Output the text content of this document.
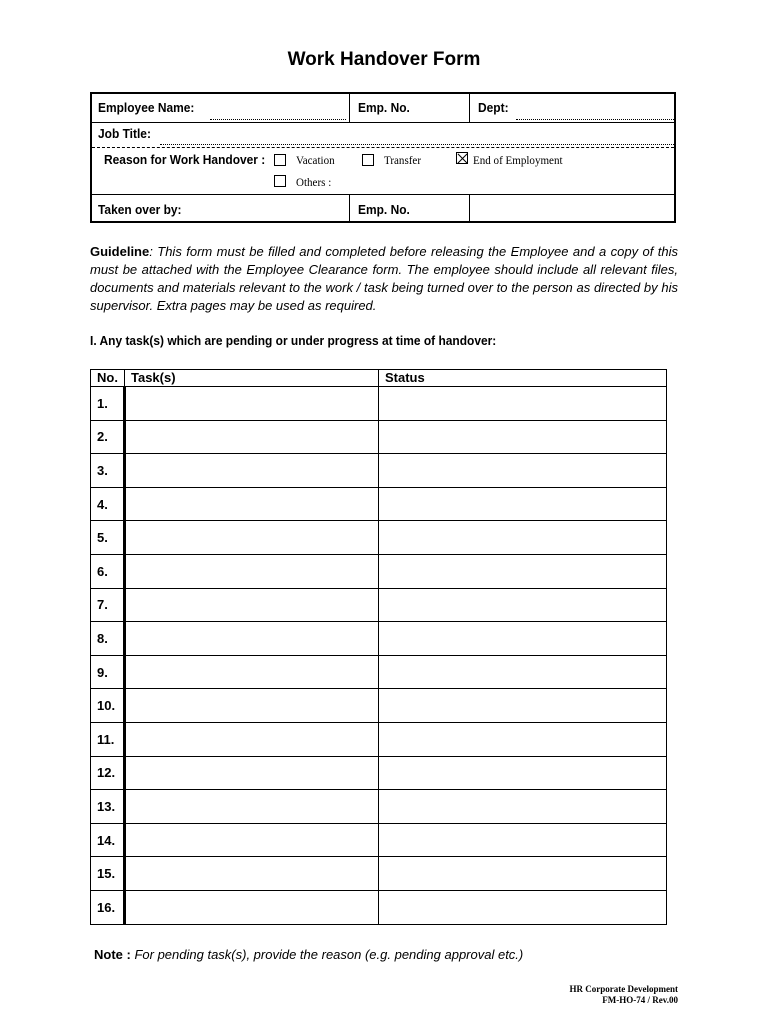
Work Handover Form
Employee Name:	Emp. No.	Dept:
Job Title:
Reason for Work Handover :	Vacation	Transfer	End of Employment
Others :
Taken over by:	Emp. No.
Guideline: This form must be filled and completed before releasing the Employee and a copy of this must be attached with the Employee Clearance form. The employee should include all relevant files, documents and materials relevant to the work / task being turned over to the person as directed by his supervisor. Extra pages may be used as required.
I. Any task(s) which are pending or under progress at time of handover:
No.	Task(s)	Status
1.		
2.		
3.		
4.		
5.		
6.		
7.		
8.		
9.		
10.		
11.		
12.		
13.		
14.		
15.		
16.		
Note : For pending task(s), provide the reason (e.g. pending approval etc.)
HR Corporate Development
FM-HO-74 / Rev.00
